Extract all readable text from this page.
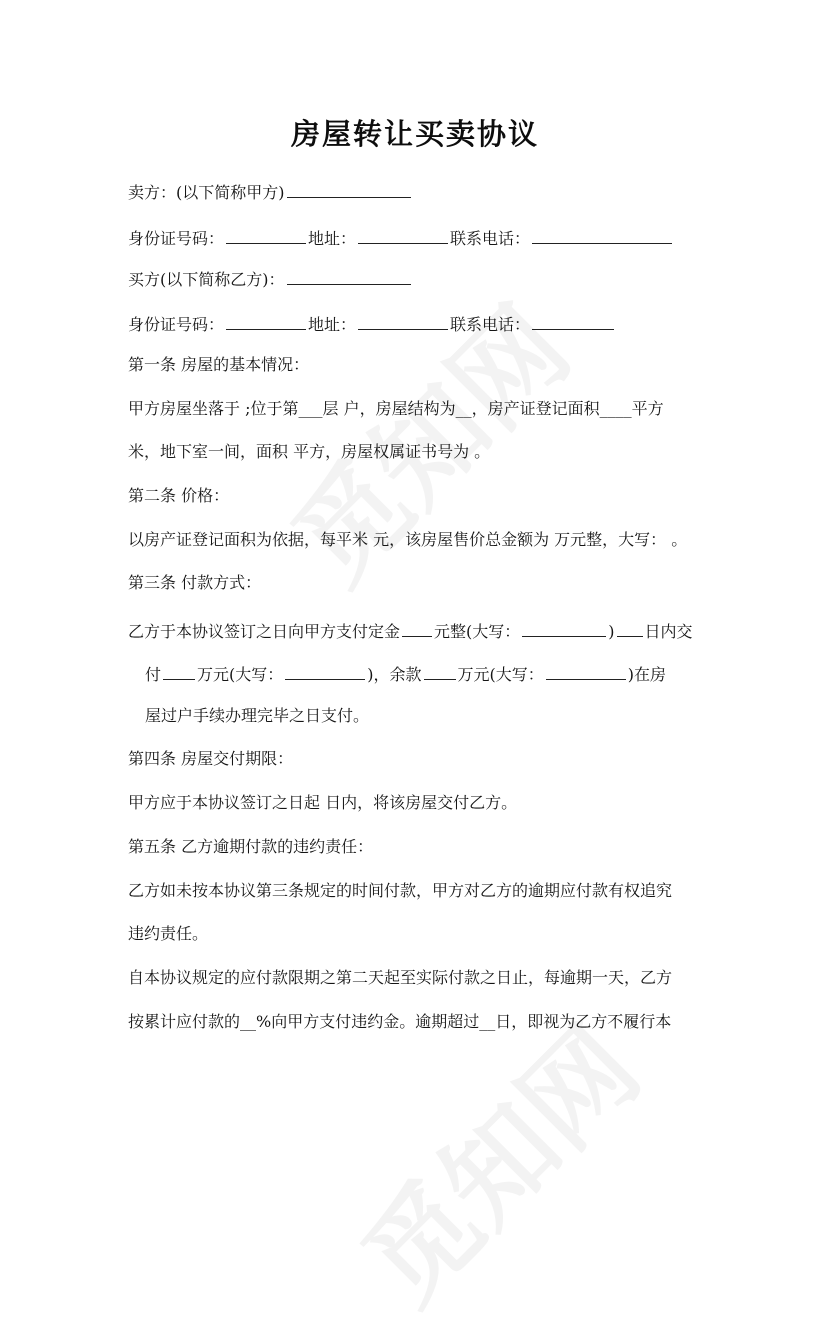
房屋转让买卖协议
卖方：(以下简称甲方)
身份证号码：	地址：	联系电话：
买方(以下简称乙方)：
身份证号码：	地址：	联系电话：
第一条 房屋的基本情况：
甲方房屋坐落于 ;位于第___层 户，房屋结构为__，房产证登记面积____平方
米，地下室一间，面积 平方，房屋权属证书号为 。
第二条 价格：
以房产证登记面积为依据，每平米 元，该房屋售价总金额为 万元整，大写： 。
第三条 付款方式：
乙方于本协议签订之日向甲方支付定金 元整(大写：	) 日内交
付 万元(大写：	)，余款 万元(大写：	)在房
屋过户手续办理完毕之日支付。
第四条 房屋交付期限：
甲方应于本协议签订之日起 日内，将该房屋交付乙方。
第五条 乙方逾期付款的违约责任：
乙方如未按本协议第三条规定的时间付款，甲方对乙方的逾期应付款有权追究
违约责任。
自本协议规定的应付款限期之第二天起至实际付款之日止，每逾期一天，乙方
按累计应付款的__%向甲方支付违约金。逾期超过__日，即视为乙方不履行本
